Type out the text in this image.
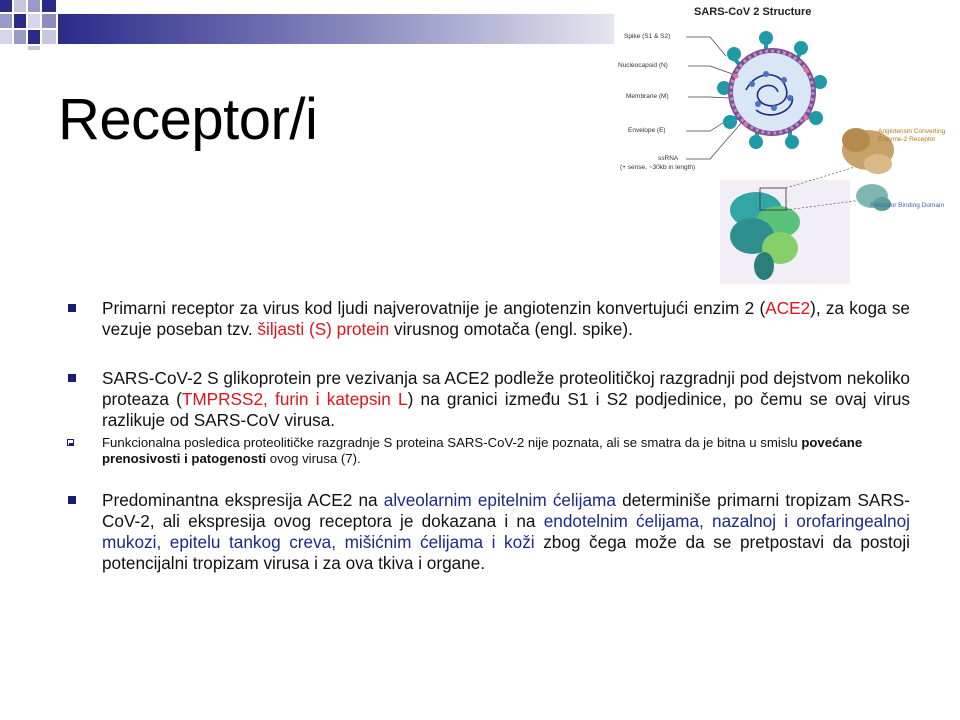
Receptor/i
SARS-CoV 2 Structure
Spike (S1 & S2)
Nucleocapsid (N)
Membrane (M)
Envelope (E)
ssRNA
(+ sense, ~30kb in length)
Angiotensin Converting
Enzyme-2 Receptor
Receptor Binding Domain
Primarni receptor za virus kod ljudi najverovatnije je angiotenzin konvertujući enzim 2 (ACE2), za koga se vezuje poseban tzv. šiljasti (S) protein virusnog omotača (engl. spike).
SARS-CoV-2 S glikoprotein pre vezivanja sa ACE2 podleže proteolitičkoj razgradnji pod dejstvom nekoliko proteaza (TMPRSS2, furin i katepsin L) na granici između S1 i S2 podjedinice, po čemu se ovaj virus razlikuje od SARS-CoV virusa.
Funkcionalna posledica proteolitičke razgradnje S proteina SARS-CoV-2 nije poznata, ali se smatra da je bitna u smislu povećane prenosivosti i patogenosti ovog virusa (7).
Predominantna ekspresija ACE2 na alveolarnim epitelnim ćelijama determiniše primarni tropizam SARS-CoV-2, ali ekspresija ovog receptora je dokazana i na endotelnim ćelijama, nazalnoj i orofaringealnoj mukozi, epitelu tankog creva, mišićnim ćelijama i koži zbog čega može da se pretpostavi da postoji potencijalni tropizam virusa i za ova tkiva i organe.
